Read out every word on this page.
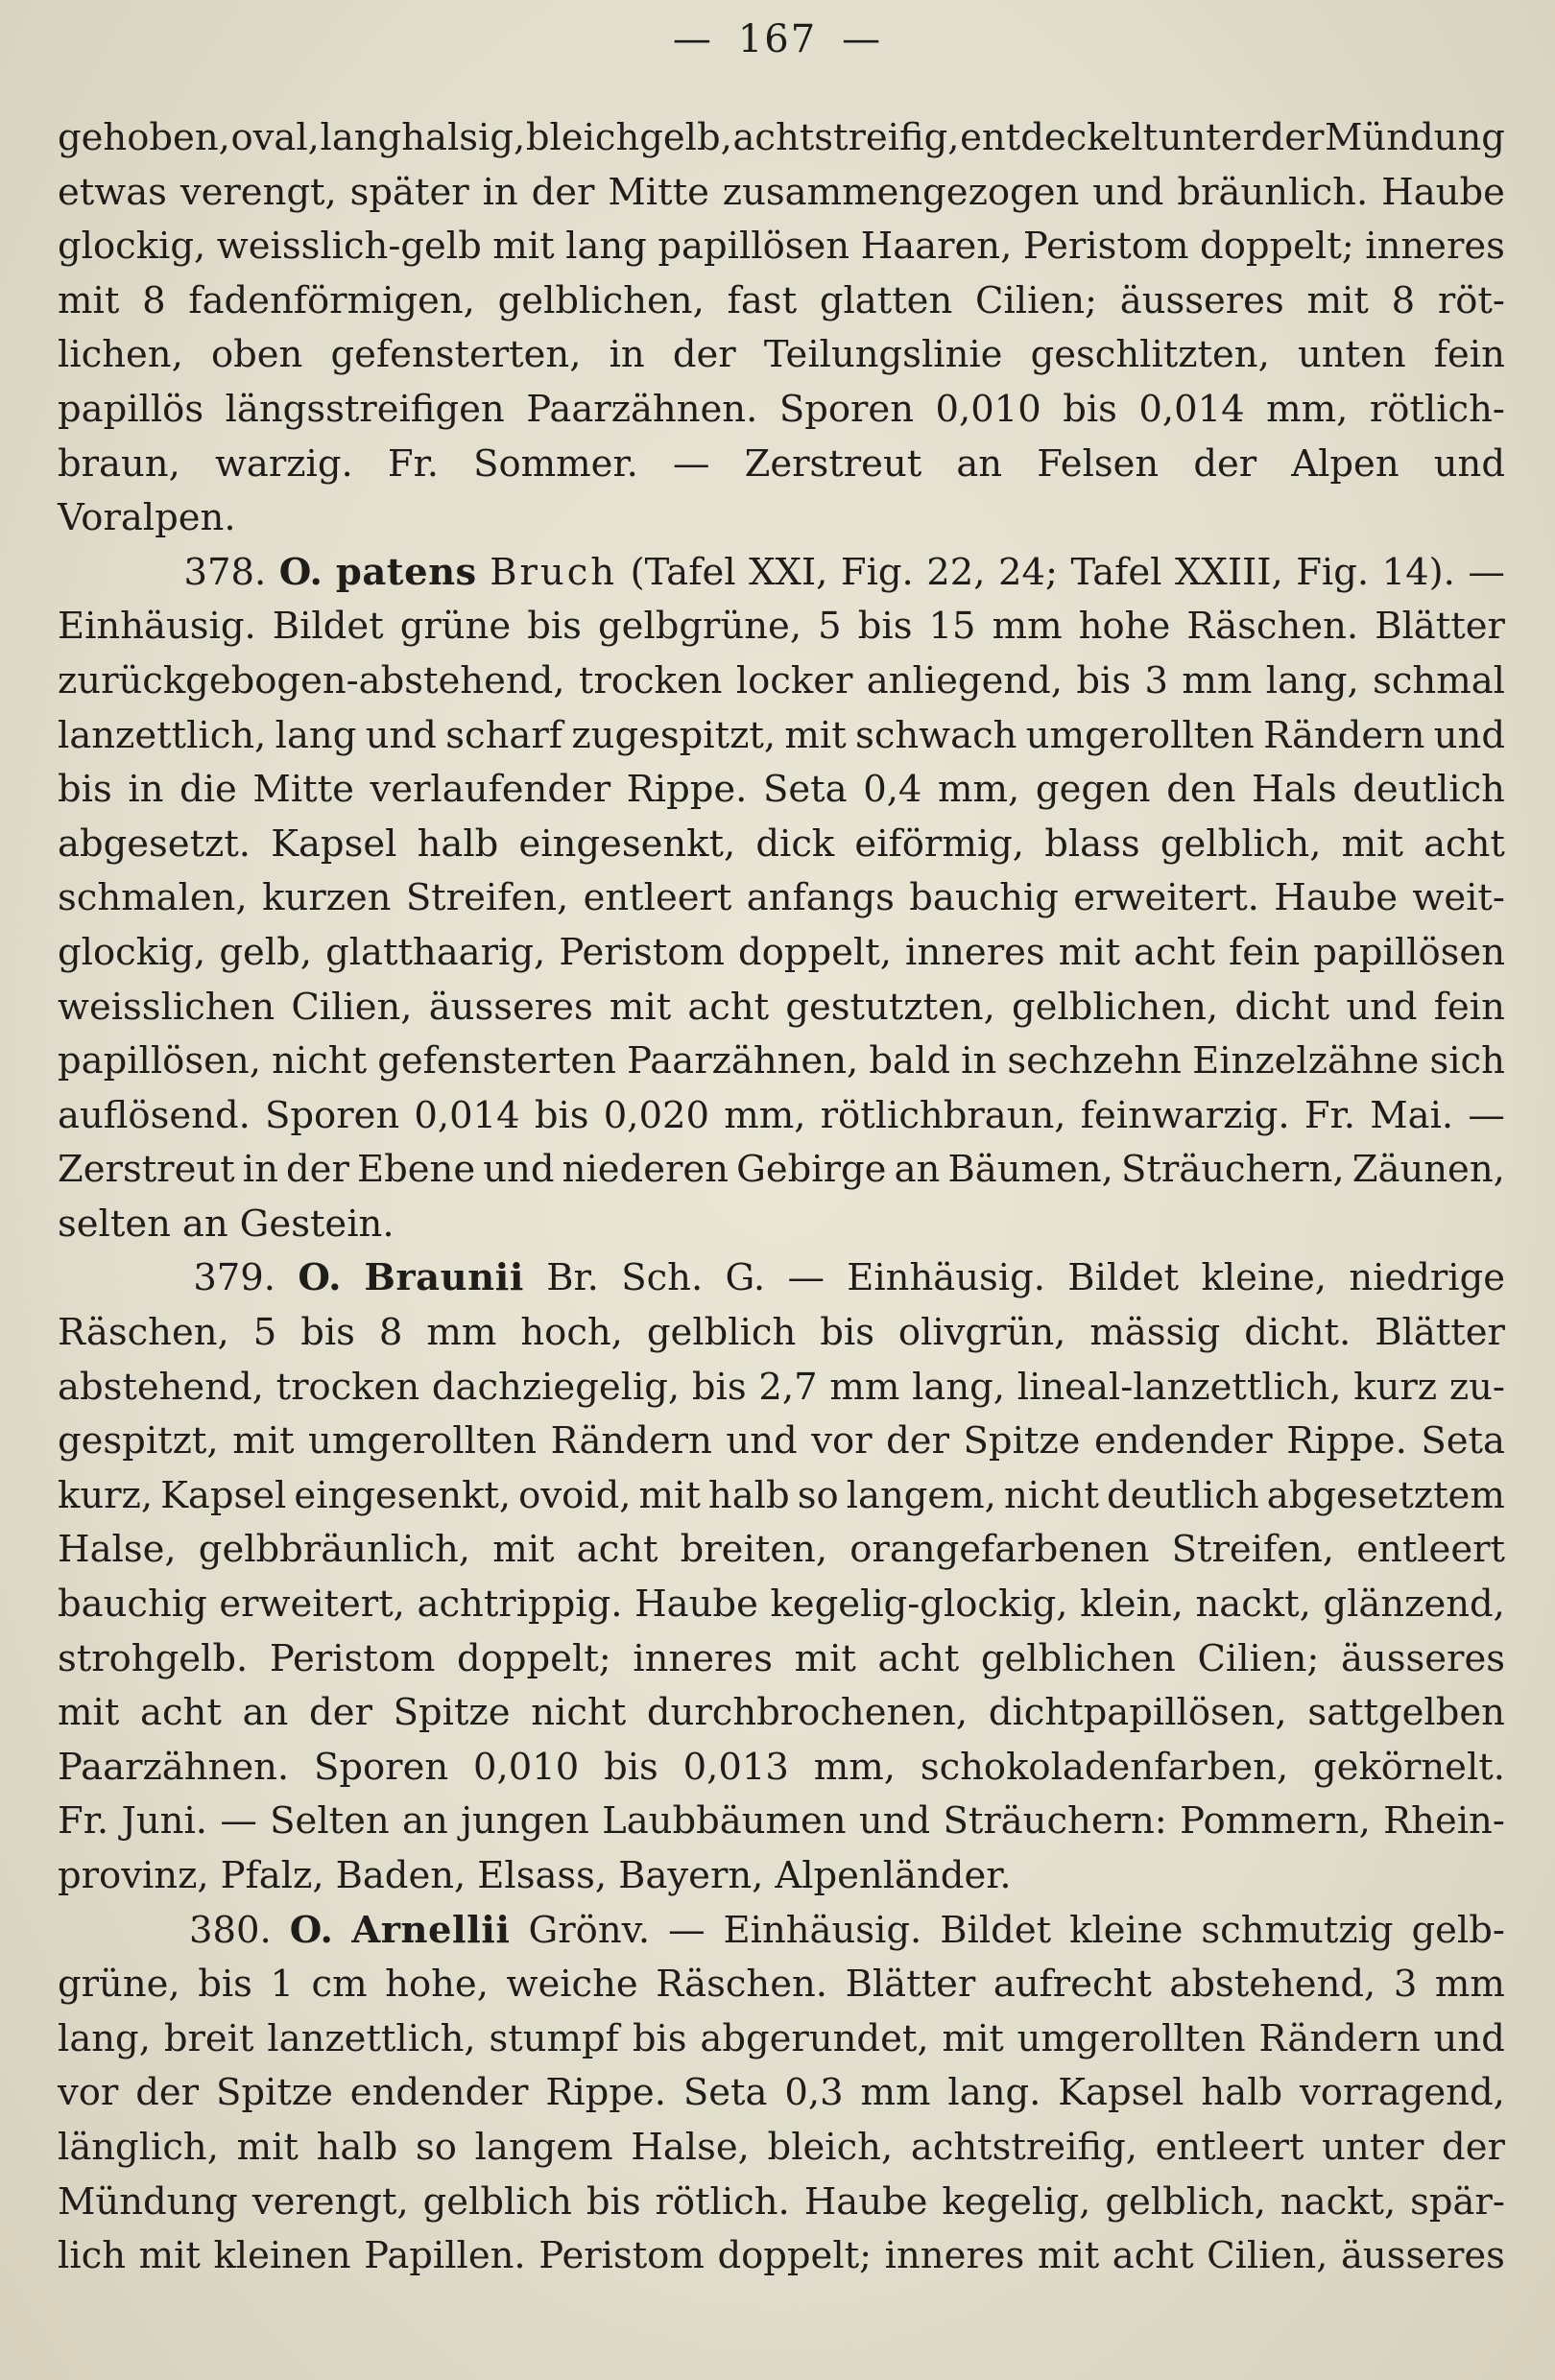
— 167 —
gehoben, oval, langhalsig, bleichgelb, achtstreifig, entdeckelt unter der Mündung
etwas verengt, später in der Mitte zusammengezogen und bräunlich. Haube
glockig, weisslich-gelb mit lang papillösen Haaren, Peristom doppelt; inneres
mit 8 fadenförmigen, gelblichen, fast glatten Cilien; äusseres mit 8 röt-
lichen, oben gefensterten, in der Teilungslinie geschlitzten, unten fein
papillös längsstreifigen Paarzähnen. Sporen 0,010 bis 0,014 mm, rötlich-
braun, warzig. Fr. Sommer. — Zerstreut an Felsen der Alpen und
Voralpen.
378. O. patens Bruch (Tafel XXI, Fig. 22, 24; Tafel XXIII, Fig. 14). —
Einhäusig. Bildet grüne bis gelbgrüne, 5 bis 15 mm hohe Räschen. Blätter
zurückgebogen-abstehend, trocken locker anliegend, bis 3 mm lang, schmal
lanzettlich, lang und scharf zugespitzt, mit schwach umgerollten Rändern und
bis in die Mitte verlaufender Rippe. Seta 0,4 mm, gegen den Hals deutlich
abgesetzt. Kapsel halb eingesenkt, dick eiförmig, blass gelblich, mit acht
schmalen, kurzen Streifen, entleert anfangs bauchig erweitert. Haube weit-
glockig, gelb, glatthaarig, Peristom doppelt, inneres mit acht fein papillösen
weisslichen Cilien, äusseres mit acht gestutzten, gelblichen, dicht und fein
papillösen, nicht gefensterten Paarzähnen, bald in sechzehn Einzelzähne sich
auflösend. Sporen 0,014 bis 0,020 mm, rötlichbraun, feinwarzig. Fr. Mai. —
Zerstreut in der Ebene und niederen Gebirge an Bäumen, Sträuchern, Zäunen,
selten an Gestein.
379. O. Braunii Br. Sch. G. — Einhäusig. Bildet kleine, niedrige
Räschen, 5 bis 8 mm hoch, gelblich bis olivgrün, mässig dicht. Blätter
abstehend, trocken dachziegelig, bis 2,7 mm lang, lineal-lanzettlich, kurz zu-
gespitzt, mit umgerollten Rändern und vor der Spitze endender Rippe. Seta
kurz, Kapsel eingesenkt, ovoid, mit halb so langem, nicht deutlich abgesetztem
Halse, gelbbräunlich, mit acht breiten, orangefarbenen Streifen, entleert
bauchig erweitert, achtrippig. Haube kegelig-glockig, klein, nackt, glänzend,
strohgelb. Peristom doppelt; inneres mit acht gelblichen Cilien; äusseres
mit acht an der Spitze nicht durchbrochenen, dichtpapillösen, sattgelben
Paarzähnen. Sporen 0,010 bis 0,013 mm, schokoladenfarben, gekörnelt.
Fr. Juni. — Selten an jungen Laubbäumen und Sträuchern: Pommern, Rhein-
provinz, Pfalz, Baden, Elsass, Bayern, Alpenländer.
380. O. Arnellii Grönv. — Einhäusig. Bildet kleine schmutzig gelb-
grüne, bis 1 cm hohe, weiche Räschen. Blätter aufrecht abstehend, 3 mm
lang, breit lanzettlich, stumpf bis abgerundet, mit umgerollten Rändern und
vor der Spitze endender Rippe. Seta 0,3 mm lang. Kapsel halb vorragend,
länglich, mit halb so langem Halse, bleich, achtstreifig, entleert unter der
Mündung verengt, gelblich bis rötlich. Haube kegelig, gelblich, nackt, spär-
lich mit kleinen Papillen. Peristom doppelt; inneres mit acht Cilien, äusseres
